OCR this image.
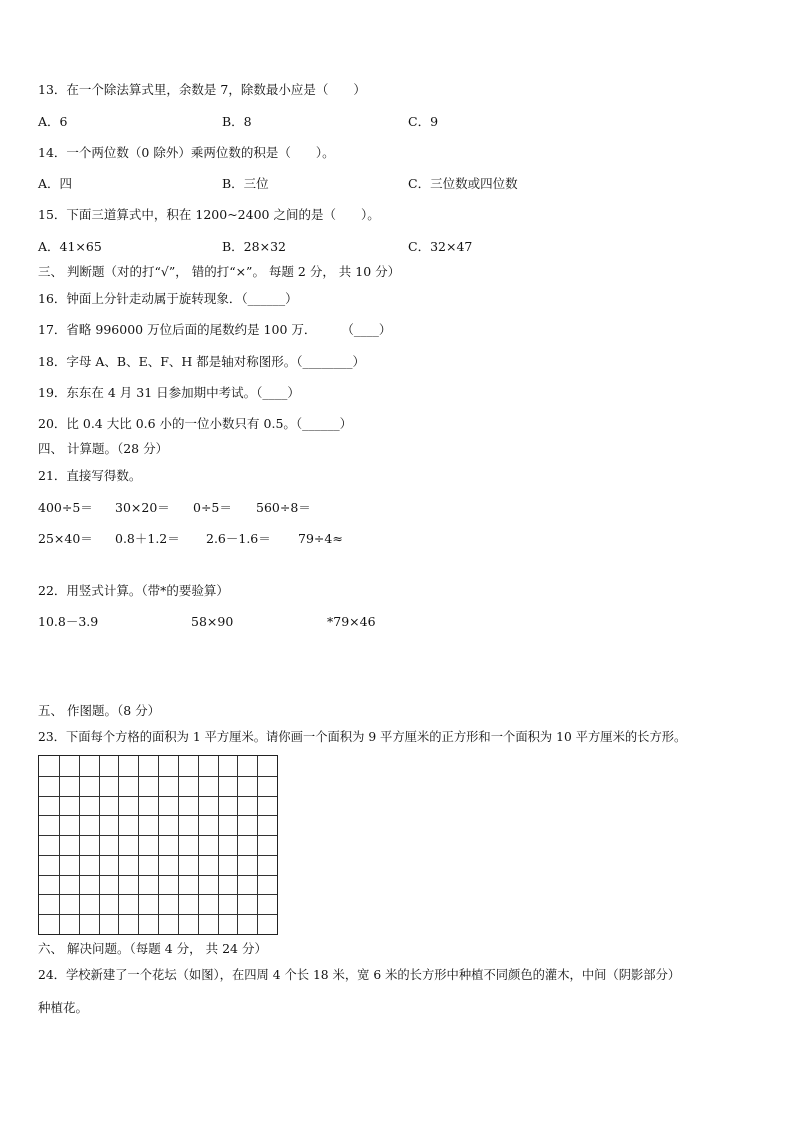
13．在一个除法算式里，余数是 7，除数最小应是（　　）
A．6	B．8	C．9
14．一个两位数（0 除外）乘两位数的积是（　　）。
A．四	B．三位	C．三位数或四位数
15．下面三道算式中，积在 1200~2400 之间的是（　　）。
A．41×65	B．28×32	C．32×47
三、 判断题（对的打“√”， 错的打“×”。 每题 2 分， 共 10 分）
16．钟面上分针走动属于旋转现象．（______）
17．省略 996000 万位后面的尾数约是 100 万．　　　（____）
18．字母 A、B、E、F、H 都是轴对称图形。（________）
19．东东在 4 月 31 日参加期中考试。（____）
20．比 0.4 大比 0.6 小的一位小数只有 0.5。（______）
四、 计算题。（28 分）
21．直接写得数。
400÷5＝ 30×20＝ 0÷5＝ 560÷8＝
25×40＝ 0.8＋1.2＝ 2.6－1.6＝ 79÷4≈
22．用竖式计算。（带*的要验算）
10.8－3.9	58×90	*79×46
五、 作图题。（8 分）
23．下面每个方格的面积为 1 平方厘米。请你画一个面积为 9 平方厘米的正方形和一个面积为 10 平方厘米的长方形。
六、 解决问题。（每题 4 分， 共 24 分）
24．学校新建了一个花坛（如图），在四周 4 个长 18 米，宽 6 米的长方形中种植不同颜色的灌木，中间（阴影部分）
种植花。
